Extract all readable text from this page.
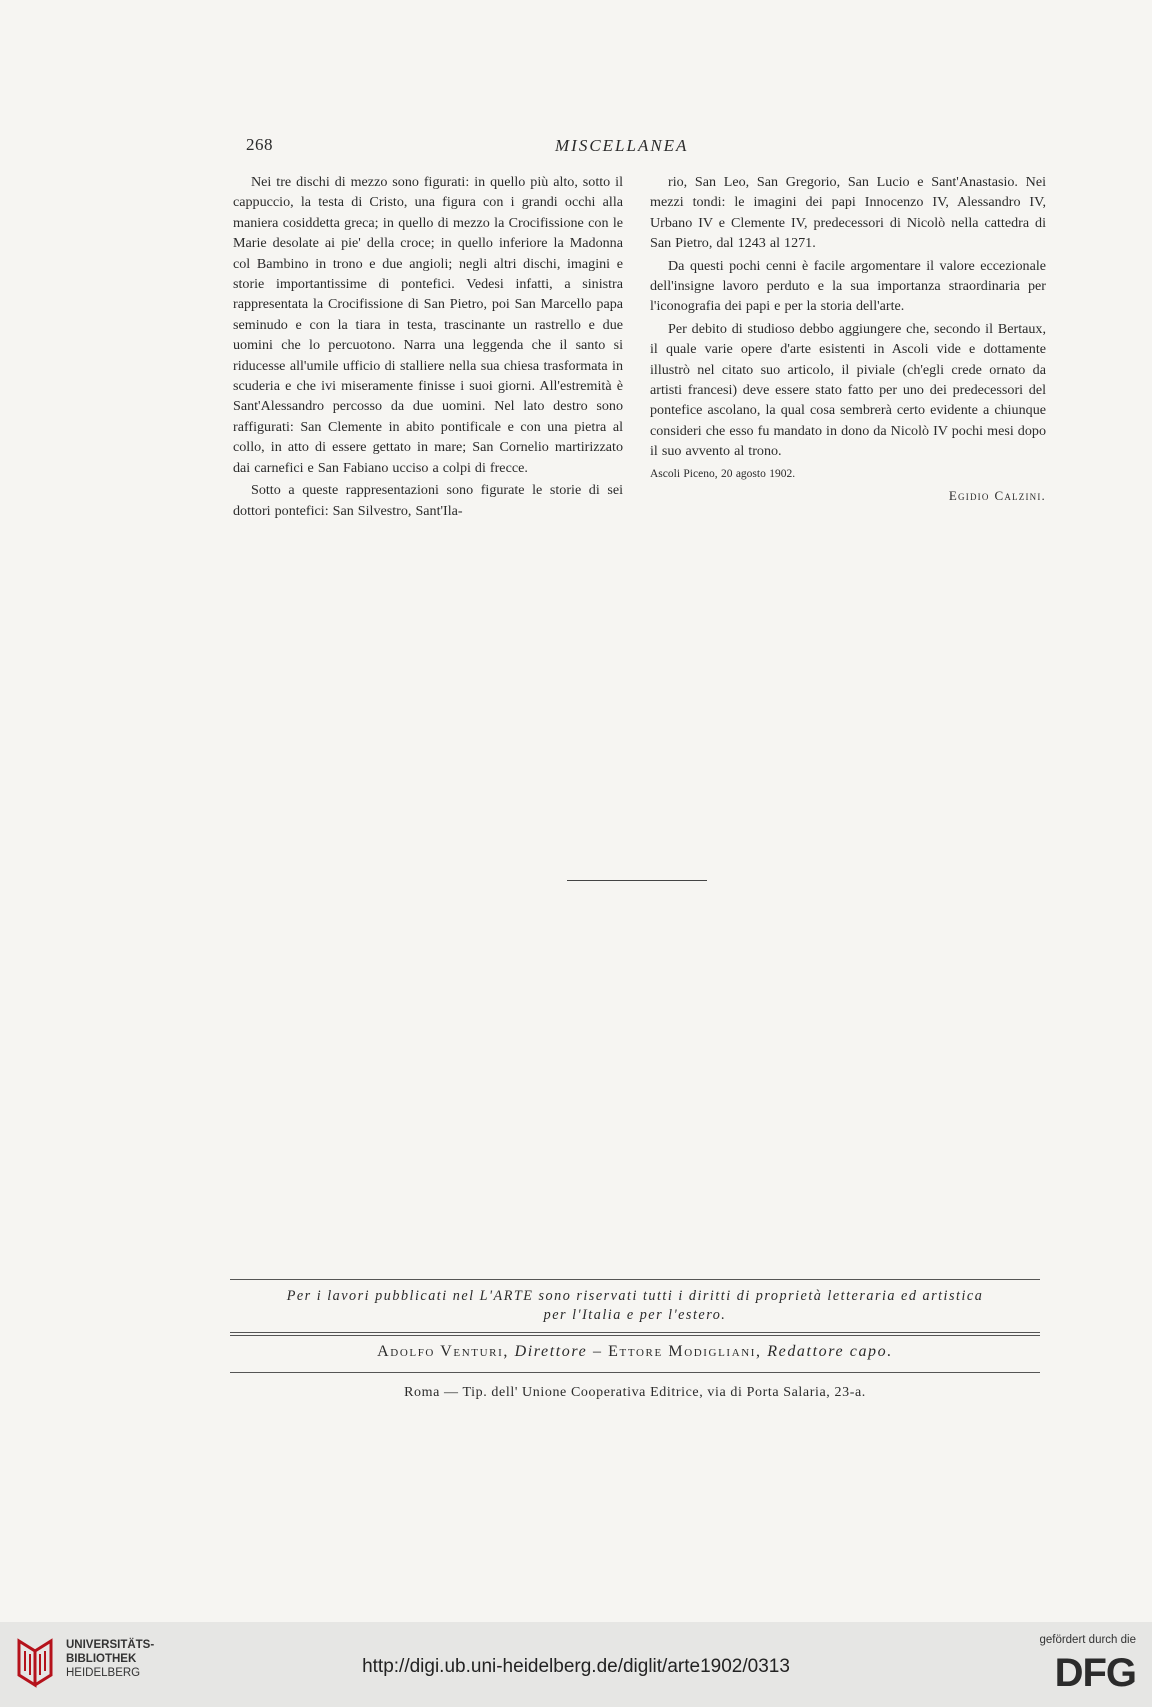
268	MISCELLANEA

Nei tre dischi di mezzo sono figurati: in quello più alto, sotto il cappuccio, la testa di Cristo, una figura con i grandi occhi alla maniera cosiddetta greca; in quello di mezzo la Crocifissione con le Marie desolate ai pie' della croce; in quello inferiore la Madonna col Bambino in trono e due angioli; negli altri dischi, imagini e storie importantissime di pontefici. Vedesi infatti, a sinistra rappresentata la Crocifissione di San Pietro, poi San Marcello papa seminudo e con la tiara in testa, trascinante un rastrello e due uomini che lo percuotono. Narra una leggenda che il santo si riducesse all'umile ufficio di stalliere nella sua chiesa trasformata in scuderia e che ivi miseramente finisse i suoi giorni. All'estremità è Sant'Alessandro percosso da due uomini. Nel lato destro sono raffigurati: San Clemente in abito pontificale e con una pietra al collo, in atto di essere gettato in mare; San Cornelio martirizzato dai carnefici e San Fabiano ucciso a colpi di frecce.

Sotto a queste rappresentazioni sono figurate le storie di sei dottori pontefici: San Silvestro, Sant'Ila-

rio, San Leo, San Gregorio, San Lucio e Sant'Anastasio. Nei mezzi tondi: le imagini dei papi Innocenzo IV, Alessandro IV, Urbano IV e Clemente IV, predecessori di Nicolò nella cattedra di San Pietro, dal 1243 al 1271.

Da questi pochi cenni è facile argomentare il valore eccezionale dell'insigne lavoro perduto e la sua importanza straordinaria per l'iconografia dei papi e per la storia dell'arte.

Per debito di studioso debbo aggiungere che, secondo il Bertaux, il quale varie opere d'arte esistenti in Ascoli vide e dottamente illustrò nel citato suo articolo, il piviale (ch'egli crede ornato da artisti francesi) deve essere stato fatto per uno dei predecessori del pontefice ascolano, la qual cosa sembrerà certo evidente a chiunque consideri che esso fu mandato in dono da Nicolò IV pochi mesi dopo il suo avvento al trono.

Ascoli Piceno, 20 agosto 1902.

Egidio Calzini.

Per i lavori pubblicati nel L'ARTE sono riservati tutti i diritti di proprietà letteraria ed artistica
per l'Italia e per l'estero.
Adolfo Venturi, Direttore – Ettore Modigliani, Redattore capo.
Roma — Tip. dell' Unione Cooperativa Editrice, via di Porta Salaria, 23-a.
UNIVERSITÄTS-
BIBLIOTHEK
HEIDELBERG	http://digi.ub.uni-heidelberg.de/diglit/arte1902/0313
gefördert durch die
DFG
